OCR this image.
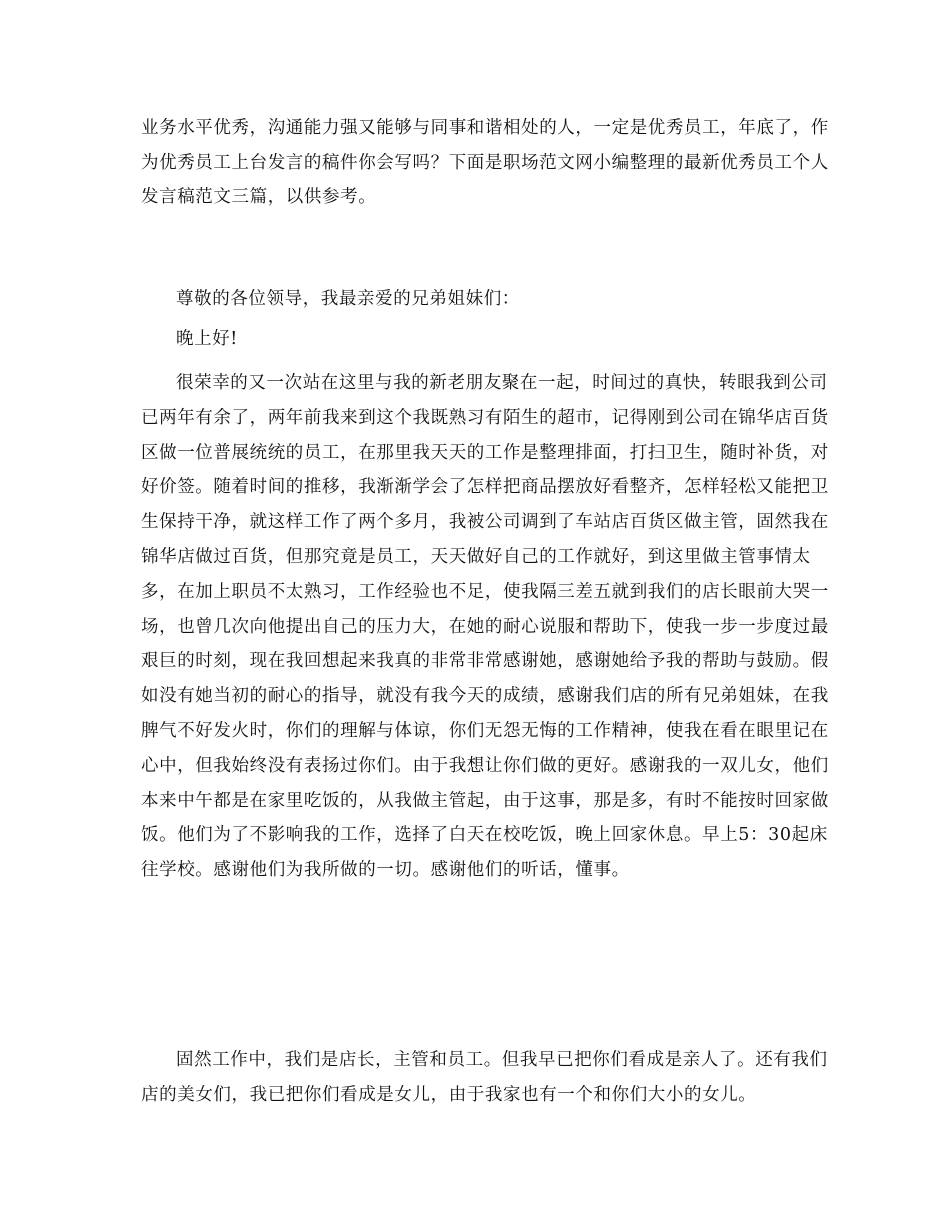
业务水平优秀，沟通能力强又能够与同事和谐相处的人，一定是优秀员工，年底了，作为优秀员工上台发言的稿件你会写吗？下面是职场范文网小编整理的最新优秀员工个人发言稿范文三篇，以供参考。

尊敬的各位领导，我最亲爱的兄弟姐妹们：

晚上好!

很荣幸的又一次站在这里与我的新老朋友聚在一起，时间过的真快，转眼我到公司已两年有余了，两年前我来到这个我既熟习有陌生的超市，记得刚到公司在锦华店百货区做一位普展统统的员工，在那里我天天的工作是整理排面，打扫卫生，随时补货，对好价签。随着时间的推移，我渐渐学会了怎样把商品摆放好看整齐，怎样轻松又能把卫生保持干净，就这样工作了两个多月，我被公司调到了车站店百货区做主管，固然我在锦华店做过百货，但那究竟是员工，天天做好自己的工作就好，到这里做主管事情太多，在加上职员不太熟习，工作经验也不足，使我隔三差五就到我们的店长眼前大哭一场，也曾几次向他提出自己的压力大，在她的耐心说服和帮助下，使我一步一步度过最艰巨的时刻，现在我回想起来我真的非常非常感谢她，感谢她给予我的帮助与鼓励。假如没有她当初的耐心的指导，就没有我今天的成绩，感谢我们店的所有兄弟姐妹，在我脾气不好发火时，你们的理解与体谅，你们无怨无悔的工作精神，使我在看在眼里记在心中，但我始终没有表扬过你们。由于我想让你们做的更好。感谢我的一双儿女，他们本来中午都是在家里吃饭的，从我做主管起，由于这事，那是多，有时不能按时回家做饭。他们为了不影响我的工作，选择了白天在校吃饭，晚上回家休息。早上5：30起床往学校。感谢他们为我所做的一切。感谢他们的听话，懂事。

固然工作中，我们是店长，主管和员工。但我早已把你们看成是亲人了。还有我们店的美女们，我已把你们看成是女儿，由于我家也有一个和你们大小的女儿。
